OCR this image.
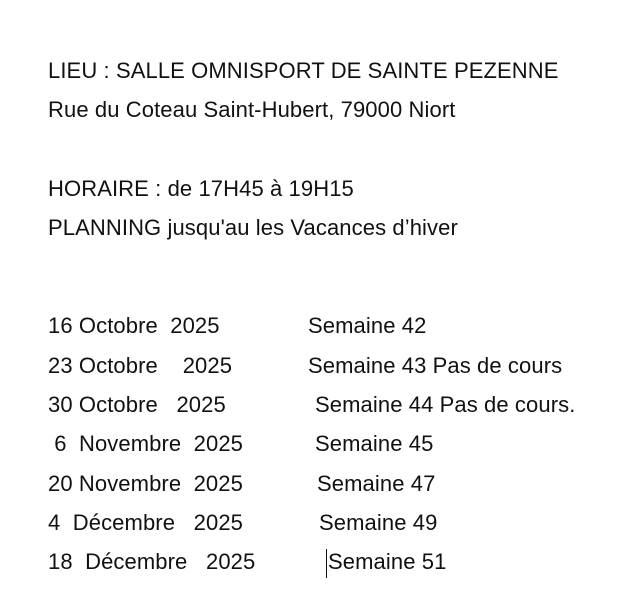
LIEU : SALLE OMNISPORT DE SAINTE PEZENNE
Rue du Coteau Saint-Hubert, 79000 Niort
HORAIRE : de 17H45 à 19H15
PLANNING jusqu'au les Vacances d’hiver
16 Octobre  2025	Semaine 42
23 Octobre    2025	Semaine 43 Pas de cours
30 Octobre   2025	Semaine 44 Pas de cours.
6  Novembre  2025	Semaine 45
20 Novembre  2025	Semaine 47
4  Décembre   2025	Semaine 49
18  Décembre   2025	Semaine 51
